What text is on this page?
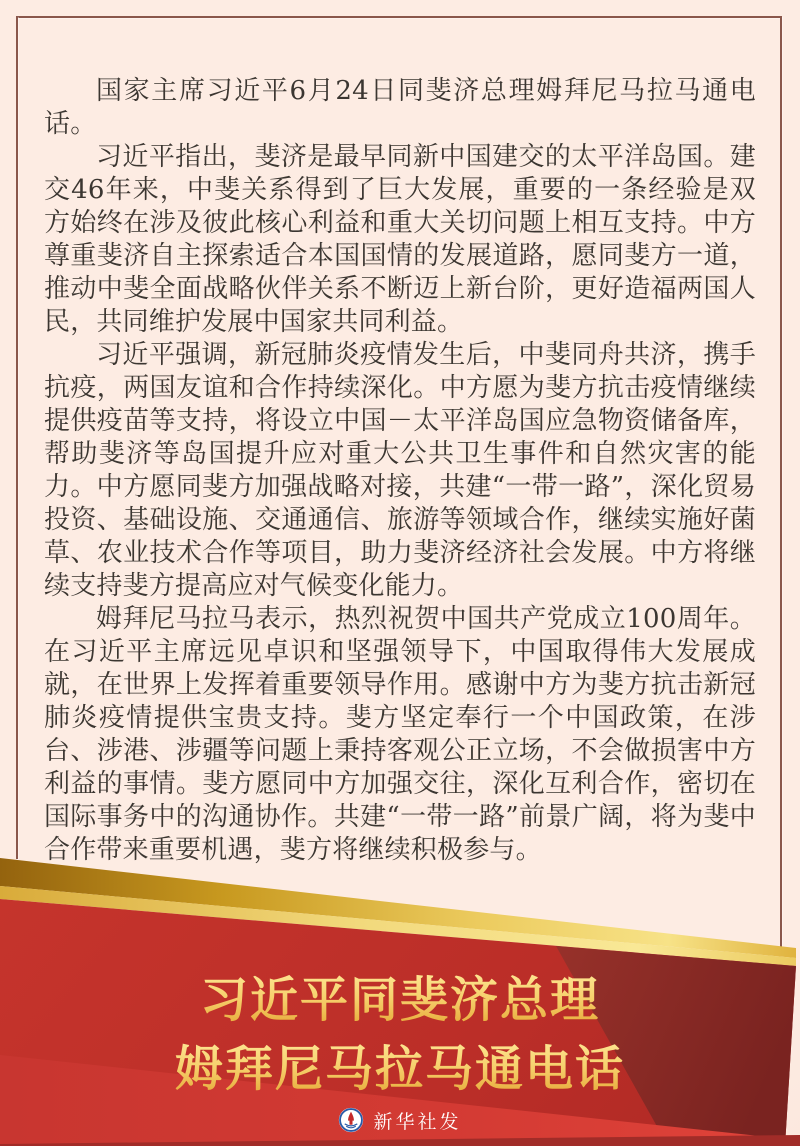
国家主席习近平6月24日同斐济总理姆拜尼马拉马通电话。

习近平指出，斐济是最早同新中国建交的太平洋岛国。建交46年来，中斐关系得到了巨大发展，重要的一条经验是双方始终在涉及彼此核心利益和重大关切问题上相互支持。中方尊重斐济自主探索适合本国国情的发展道路，愿同斐方一道，推动中斐全面战略伙伴关系不断迈上新台阶，更好造福两国人民，共同维护发展中国家共同利益。

习近平强调，新冠肺炎疫情发生后，中斐同舟共济，携手抗疫，两国友谊和合作持续深化。中方愿为斐方抗击疫情继续提供疫苗等支持，将设立中国－太平洋岛国应急物资储备库，帮助斐济等岛国提升应对重大公共卫生事件和自然灾害的能力。中方愿同斐方加强战略对接，共建“一带一路”，深化贸易投资、基础设施、交通通信、旅游等领域合作，继续实施好菌草、农业技术合作等项目，助力斐济经济社会发展。中方将继续支持斐方提高应对气候变化能力。

姆拜尼马拉马表示，热烈祝贺中国共产党成立100周年。在习近平主席远见卓识和坚强领导下，中国取得伟大发展成就，在世界上发挥着重要领导作用。感谢中方为斐方抗击新冠肺炎疫情提供宝贵支持。斐方坚定奉行一个中国政策，在涉台、涉港、涉疆等问题上秉持客观公正立场，不会做损害中方利益的事情。斐方愿同中方加强交往，深化互利合作，密切在国际事务中的沟通协作。共建“一带一路”前景广阔，将为斐中合作带来重要机遇，斐方将继续积极参与。

习近平同斐济总理
姆拜尼马拉马通电话
新华社发
